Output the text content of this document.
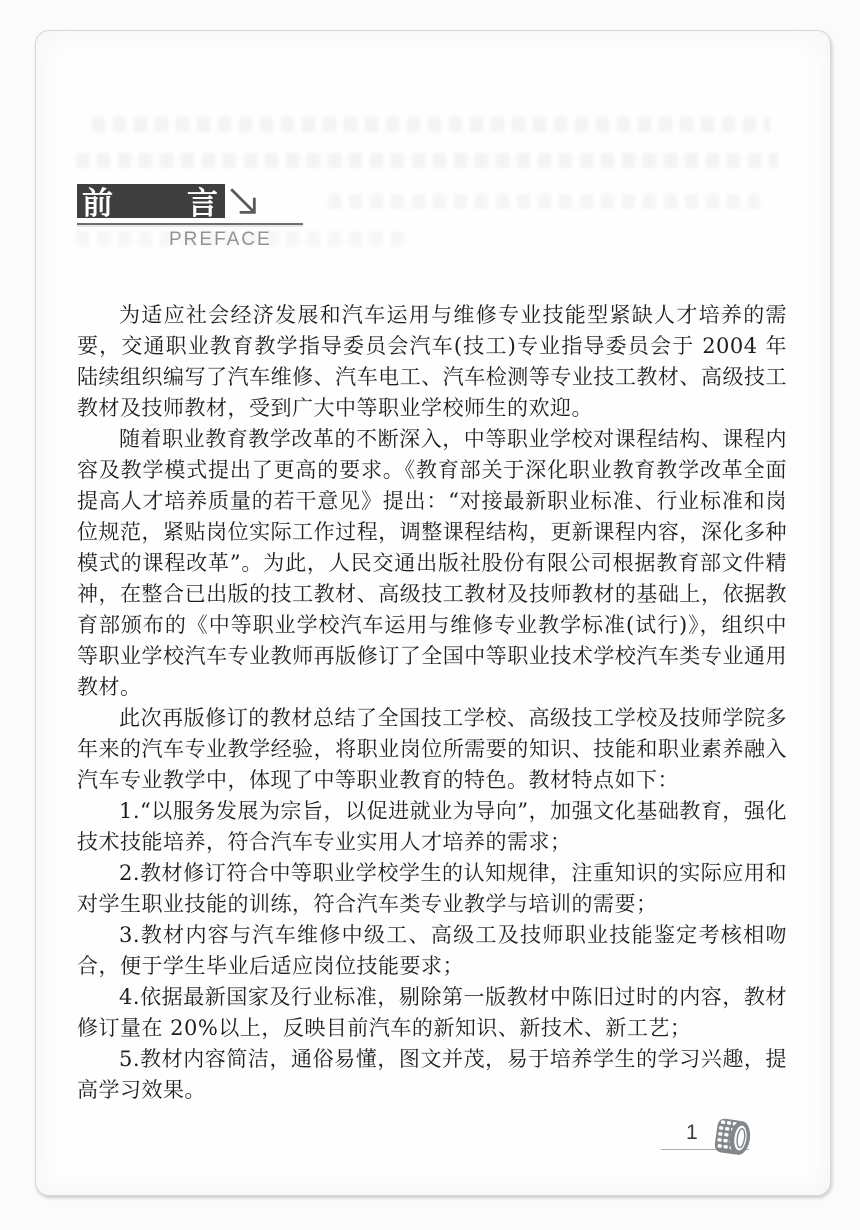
前 言
PREFACE

为适应社会经济发展和汽车运用与维修专业技能型紧缺人才培养的需要，交通职业教育教学指导委员会汽车(技工)专业指导委员会于 2004 年陆续组织编写了汽车维修、汽车电工、汽车检测等专业技工教材、高级技工教材及技师教材，受到广大中等职业学校师生的欢迎。

随着职业教育教学改革的不断深入，中等职业学校对课程结构、课程内容及教学模式提出了更高的要求。《教育部关于深化职业教育教学改革全面提高人才培养质量的若干意见》提出：“对接最新职业标准、行业标准和岗位规范，紧贴岗位实际工作过程，调整课程结构，更新课程内容，深化多种模式的课程改革”。为此，人民交通出版社股份有限公司根据教育部文件精神，在整合已出版的技工教材、高级技工教材及技师教材的基础上，依据教育部颁布的《中等职业学校汽车运用与维修专业教学标准(试行)》，组织中等职业学校汽车专业教师再版修订了全国中等职业技术学校汽车类专业通用教材。

此次再版修订的教材总结了全国技工学校、高级技工学校及技师学院多年来的汽车专业教学经验，将职业岗位所需要的知识、技能和职业素养融入汽车专业教学中，体现了中等职业教育的特色。教材特点如下：

1.“以服务发展为宗旨，以促进就业为导向”，加强文化基础教育，强化技术技能培养，符合汽车专业实用人才培养的需求；

2.教材修订符合中等职业学校学生的认知规律，注重知识的实际应用和对学生职业技能的训练，符合汽车类专业教学与培训的需要；

3.教材内容与汽车维修中级工、高级工及技师职业技能鉴定考核相吻合，便于学生毕业后适应岗位技能要求；

4.依据最新国家及行业标准，剔除第一版教材中陈旧过时的内容，教材修订量在 20%以上，反映目前汽车的新知识、新技术、新工艺；

5.教材内容简洁，通俗易懂，图文并茂，易于培养学生的学习兴趣，提高学习效果。

1
